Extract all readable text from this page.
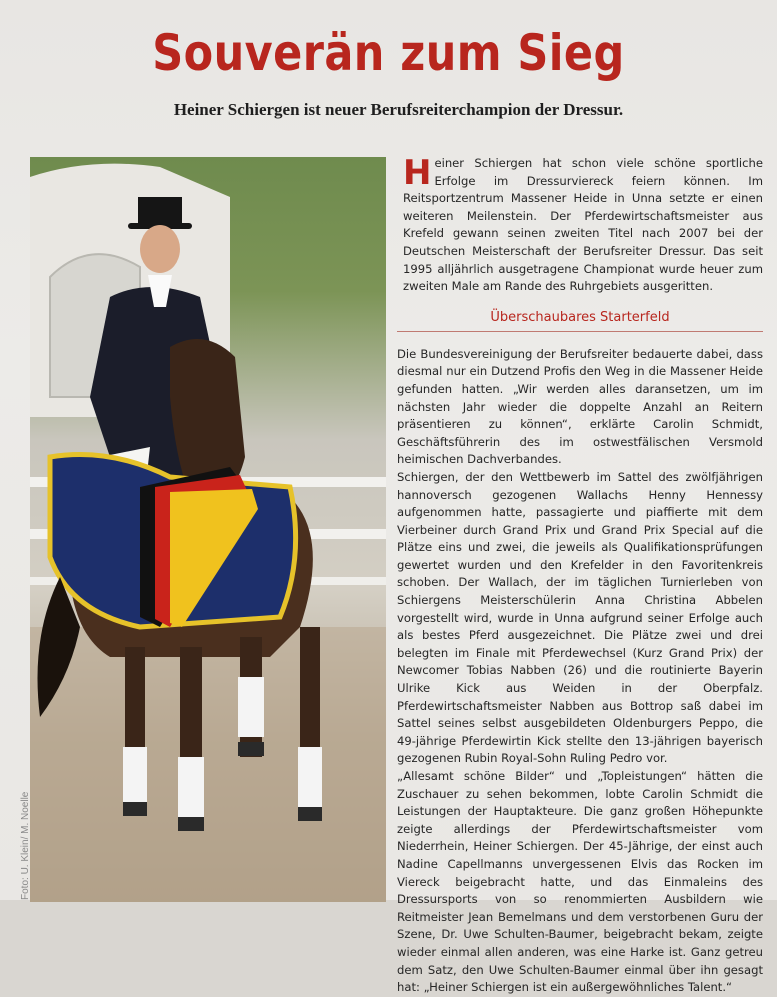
Souverän zum Sieg
Heiner Schiergen ist neuer Berufsreiterchampion der Dressur.
Foto: U. Klein/ M. Noelle

Heiner Schiergen hat schon viele schöne sportliche Erfolge im Dressurviereck feiern können. Im Reitsportzentrum Massener Heide in Unna setzte er einen weiteren Meilenstein. Der Pferdewirtschaftsmeister aus Krefeld gewann seinen zweiten Titel nach 2007 bei der Deutschen Meisterschaft der Berufsreiter Dressur. Das seit 1995 alljährlich ausgetragene Championat wurde heuer zum zweiten Male am Rande des Ruhrgebiets ausgeritten.

Überschaubares Starterfeld

Die Bundesvereinigung der Berufsreiter bedauerte dabei, dass diesmal nur ein Dutzend Profis den Weg in die Massener Heide gefunden hatten. „Wir werden alles daransetzen, um im nächsten Jahr wieder die doppelte Anzahl an Reitern präsentieren zu können“, erklärte Carolin Schmidt, Geschäftsführerin des im ostwestfälischen Versmold heimischen Dachverbandes.

Schiergen, der den Wettbewerb im Sattel des zwölfjährigen hannoversch gezogenen Wallachs Henny Hennessy aufgenommen hatte, passagierte und piaffierte mit dem Vierbeiner durch Grand Prix und Grand Prix Special auf die Plätze eins und zwei, die jeweils als Qualifikationsprüfungen gewertet wurden und den Krefelder in den Favoritenkreis schoben. Der Wallach, der im täglichen Turnierleben von Schiergens Meisterschülerin Anna Christina Abbelen vorgestellt wird, wurde in Unna aufgrund seiner Erfolge auch als bestes Pferd ausgezeichnet. Die Plätze zwei und drei belegten im Finale mit Pferdewechsel (Kurz Grand Prix) der Newcomer Tobias Nabben (26) und die routinierte Bayerin Ulrike Kick aus Weiden in der Oberpfalz. Pferdewirtschaftsmeister Nabben aus Bottrop saß dabei im Sattel seines selbst ausgebildeten Oldenburgers Peppo, die 49-jährige Pferdewirtin Kick stellte den 13-jährigen bayerisch gezogenen Rubin Royal-Sohn Ruling Pedro vor.

„Allesamt schöne Bilder“ und „Topleistungen“ hätten die Zuschauer zu sehen bekommen, lobte Carolin Schmidt die Leistungen der Hauptakteure. Die ganz großen Höhepunkte zeigte allerdings der Pferdewirtschaftsmeister vom Niederrhein, Heiner Schiergen. Der 45-Jährige, der einst auch Nadine Capellmanns unvergessenen Elvis das Rocken im Viereck beigebracht hatte, und das Einmaleins des Dressursports von so renommierten Ausbildern wie Reitmeister Jean Bemelmans und dem verstorbenen Guru der Szene, Dr. Uwe Schulten-Baumer, beigebracht bekam, zeigte wieder einmal allen anderen, was eine Harke ist. Ganz getreu dem Satz, den Uwe Schulten-Baumer einmal über ihn gesagt hat: „Heiner Schiergen ist ein außergewöhnliches Talent.“
